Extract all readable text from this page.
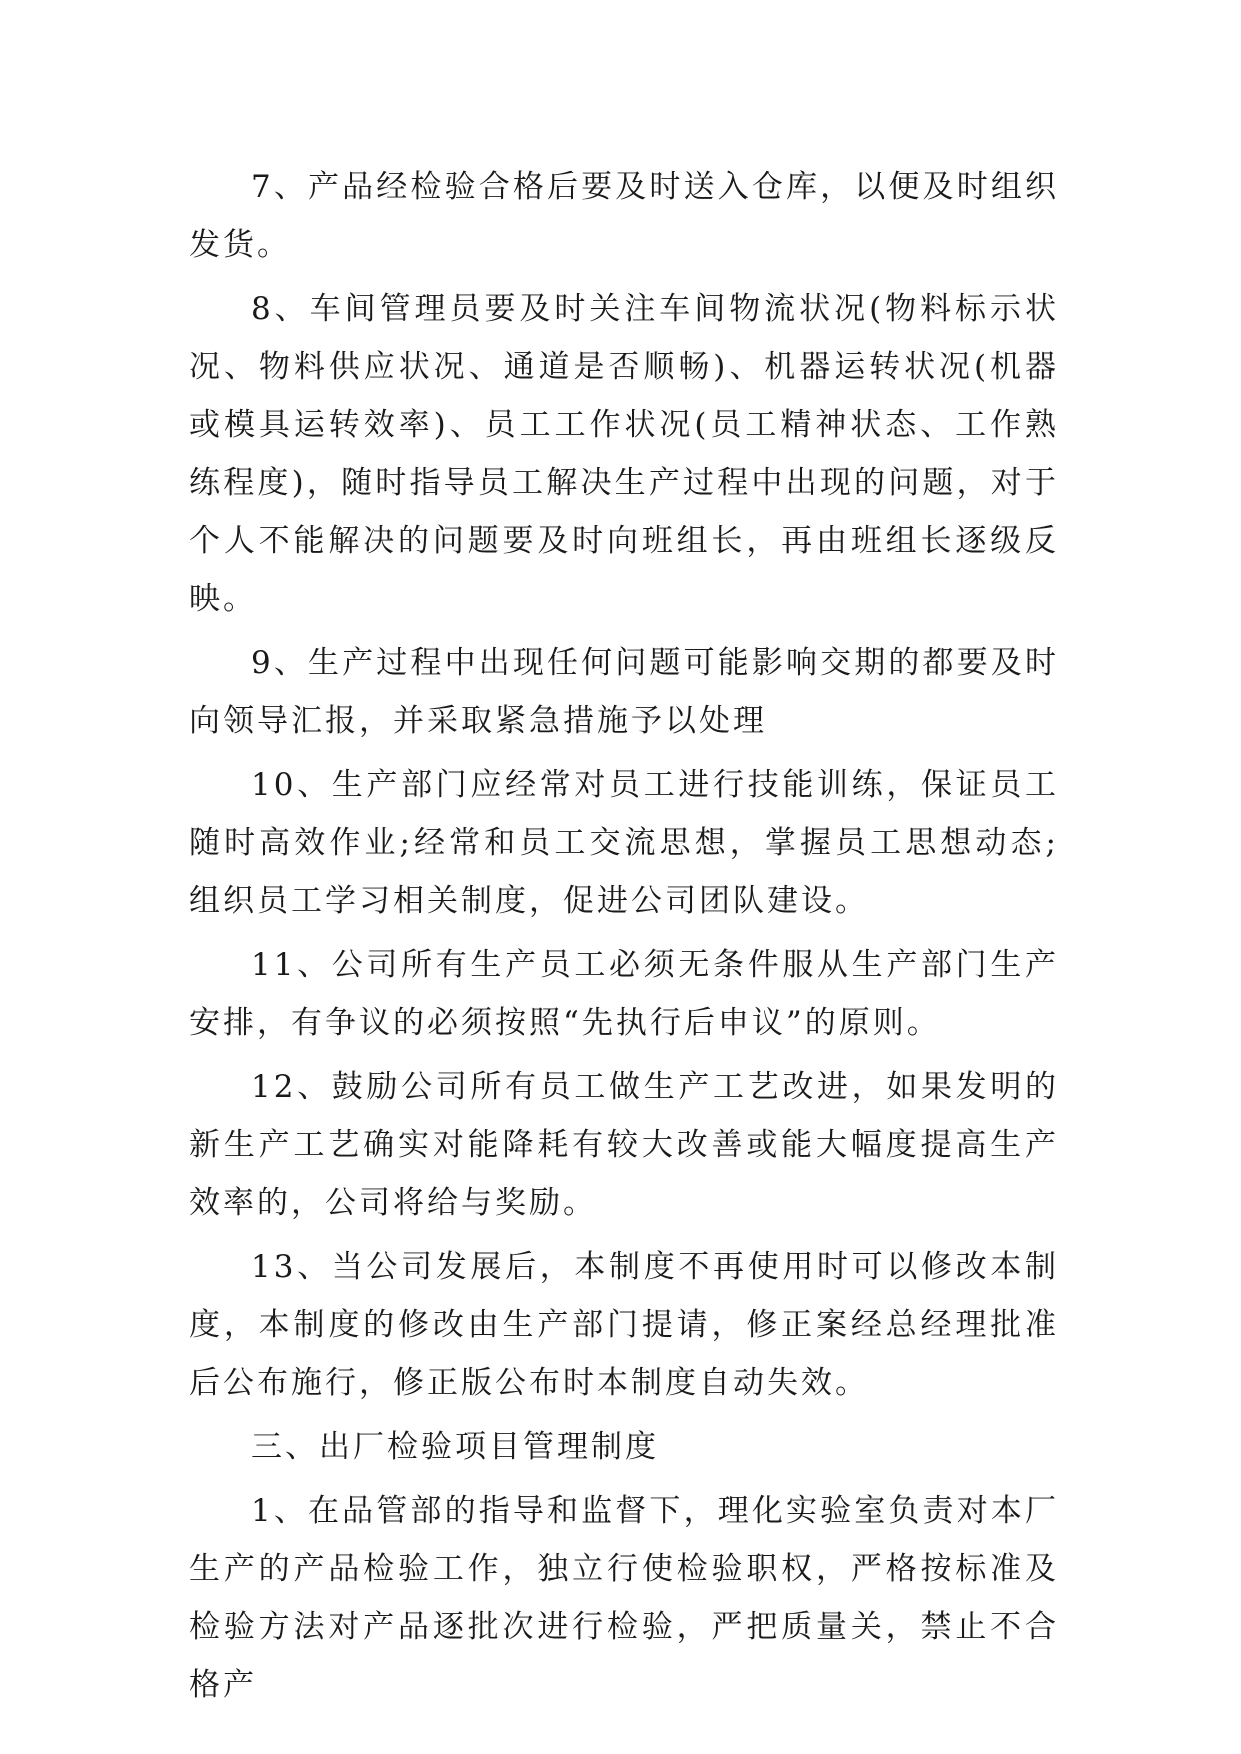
7、产品经检验合格后要及时送入仓库，以便及时组织发货。

8、车间管理员要及时关注车间物流状况(物料标示状况、物料供应状况、通道是否顺畅)、机器运转状况(机器或模具运转效率)、员工工作状况(员工精神状态、工作熟练程度)，随时指导员工解决生产过程中出现的问题，对于个人不能解决的问题要及时向班组长，再由班组长逐级反映。

9、生产过程中出现任何问题可能影响交期的都要及时向领导汇报，并采取紧急措施予以处理

10、生产部门应经常对员工进行技能训练，保证员工随时高效作业;经常和员工交流思想，掌握员工思想动态;组织员工学习相关制度，促进公司团队建设。

11、公司所有生产员工必须无条件服从生产部门生产安排，有争议的必须按照“先执行后申议”的原则。

12、鼓励公司所有员工做生产工艺改进，如果发明的新生产工艺确实对能降耗有较大改善或能大幅度提高生产效率的，公司将给与奖励。

13、当公司发展后，本制度不再使用时可以修改本制度，本制度的修改由生产部门提请，修正案经总经理批准后公布施行，修正版公布时本制度自动失效。

三、出厂检验项目管理制度

1、在品管部的指导和监督下，理化实验室负责对本厂生产的产品检验工作，独立行使检验职权，严格按标准及检验方法对产品逐批次进行检验，严把质量关，禁止不合格产
